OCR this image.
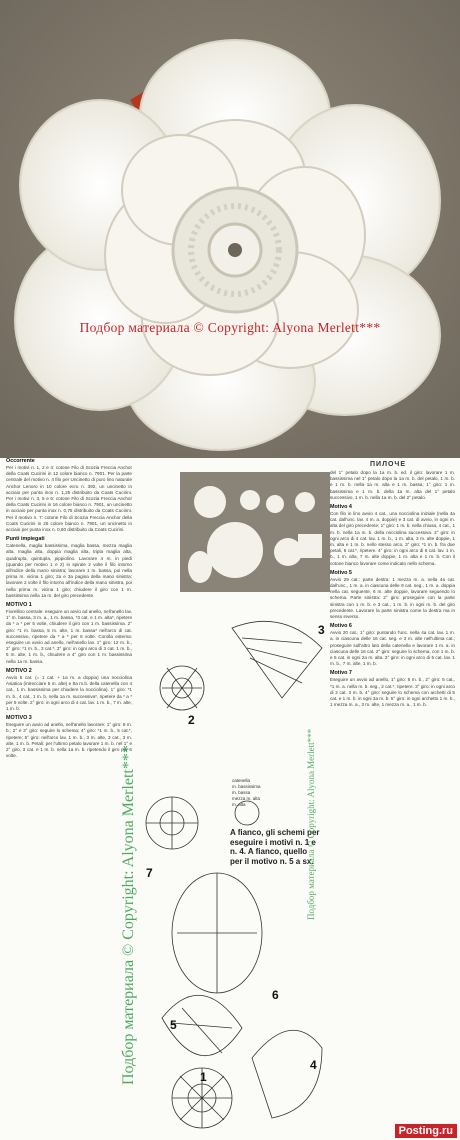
Подбор материала © Copyright: Alyona Merlett***
Occorrente

Per i motivi n. 1, 2 e 4: cotone Filo di Scozia Freccia Anchor della Coats Cucirini in 12 colore bianco n. 7901. Per la parte centrale del motivo n. 4 filo per Uncinetto di puro lino naturale Anchor Lenoro in 10 colore ecru n. 392, un uncinetto in acciaio per punta inox n. 1,25 distribuito da Coats Cucirini. Per i motivi n. 3, 5 e 6: cotone Filo di Scozia Freccia Anchor della Coats Cucirini in 16 colore bianco n. 7901, un uncinetto in acciaio per punta inox n. 0,75 distribuito da Coats Cucirini. Per il motivo n. 7: cotone Filo di Scozia Freccia Anchor della Coats Cucirini in 25 colore bianco n. 7901, un uncinetto in acciaio per punta inox n. 0,60 distribuito da Coats Cucirini.

Punti impiegati

Catenella, maglia bassissima, maglia bassa, mezza maglia alta, maglia alta, doppia maglia alta, tripla maglia alta, quadrupla, quintupla, pippiolino. Lavorare 4 m. in piedi (quando per motivo 1 e 2) in spirale 2 volte il filo intorno all'indice della mano sinistra; lavorare 1 m. bassa, poi nella prima m. vicina 1 giro; 2a e 3a pagina della mano sinistra; lavorare 2 volte il filo intorno all'indice della mano sinistra, poi nella prima m. vicina 1 giro; chiudere il giro con 1 m. bassissima nella 1a m. del giro precedente.

MOTIVO 1

Fiorellino centrale: eseguire un avvio ad anello, nell'anello lav. 1° m. bassa, 3 m. a., 1 m. bassa, *3 cat. e 1 m. alta*, ripetere da * a * per 5 volte, chiudere il giro con 1 m. bassissima. 2° giro: *1 m. bassa, 5 m. alte, 1 m. bassa* nell'arco di cat. successivo, ripetere da * a * per 6 volte. Corolla esterna: eseguire un avvio ad anello, nell'anello lav. 1° giro: 12 m. b., 2° giro: *1 m. b., 3 cat.*, 3° giro: in ogni arco di 3 cat. 1 m. b., 5 m. alte, 1 m. b., chiudere a 4° giro con 1 m. bassissima nella 1a m. bassa.

MOTIVO 2

Avvio 5 cat. (= 1 cat. + 1a m. a doppia) una nocciolina Asiatica (intrecciare 5 m. alte) e 8a m.b. della catenella con 4 cat., 1 m. bassissima per chiudere la nocciolina). 1° giro: *1 m. b., 4 cat., 1 m. b. nella 1a m. successiva*, ripetere da * a * per 5 volte. 2° giro: in ogni arco di 4 cat. lav. 1 m. b., 7 m. alte, 1 m. b.

MOTIVO 3

Eseguire un avvio ad anello, nell'anello lavorare: 1° giro: 8 m. b.; 2° e 3° giro: seguire lo schema; 4° giro: *1 m. b., 5 cat.*, ripetere; 5° giro: nell'arco lav. 1 m. b., 3 m. alte, 3 cat., 3 m. alte, 1 m. b. Petali: per l'ultimo petalo lavorare 1 m. b. nel 1° e 2° giro, 3 cat. e 1 m. b. nella 1a m. b. ripetendo il giro per 6 volte.

ПИЛОЧЕ

del 1° petalo dopo la 1a m. b. ed. il giro: lavorare 1 m. bassissima nel 1° petalo dopo la 1a m. b. del petalo, 1 m. b. e 1 m. b. nella 1a m. alta e 1 m. bassa; 1° giro: 1 m. bassissima e 1 m. b. della 1a m. alta del 1° petalo successivo, 1 m. b. nella 1a m. b. del 2° petalo.

Motivo 4

Con filo in lino avvio 4 cat., una nocciolina iniziale (nella 4a cat. dall'unc. lav. 4 m. a. doppie) e 3 cat. di avvio, in ogni m. alta del giro precedente; 1° giro: 1 m. b. nella chiusa, 4 cat., 1 m. b. nella 1a m. b. della nocciolina successiva. 2° giro: in ogni arco di 4 cat. lav. 1 m. b., 1 m. alta, 3 m. alte doppie, 1 m. alta e 1 m. b. nello stesso arco. 3° giro: *1 m. b. fra due petali, 6 cat.*, ripetere. 4° giro: in ogni arco di 6 cat. lav. 1 m. b., 1 m. alta, 7 m. alte doppie, 1 m. alta e 1 m. b. Con il cotone bianco lavorare come indicato nello schema.

Motivo 5

Avvio 29 cat.: parte destra: 1 mezza m. a. nella 4a cat. dall'unc., 1 m. a. in ciascuna delle 9 cat. seg., 1 m. a. doppia nella cat. seguente, 6 m. alte doppie, lavorare seguendo lo schema. Parte sinistra: 2° giro: proseguire con la parte sinistra con 1 m. b. e 3 cat., 1 m. b. in ogni m. b. del giro precedente. Lavorare la parte sinistra come la destra ma in senso inverso.

Motivo 6

Avvio 20 cat., 1° giro: puntando l'unc. nella 4a cat. lav. 1 m. a. in ciascuna delle 16 cat. seg. e 3 m. alte nell'ultima cat.; proseguire sull'altro lato della catenella e lavorare 1 m. a. in ciascuna delle 16 cat. 2° giro: seguire lo schema, con 1 m. b. e 5 cat. in ogni 2a m. alta. 3° giro: in ogni arco di 5 cat. lav. 1 m. b., 7 m. alte, 1 m. b.

Motivo 7

Eseguire un avvio ad anello, 1° giro: 8 m. b., 2° giro: 5 cat., *1 m. a. nella m. b. seg., 2 cat.*, ripetere. 3° giro: in ogni arco di 2 cat. 3 m. b. 4° giro: seguire lo schema con archetti di 5 cat. e 1 m. b. in ogni 3a m. b. 5° giro: in ogni archetto 1 m. b., 1 mezza m. a., 3 m. alte, 1 mezza m. a., 1 m. b.

3
2
7
6
5
4
1
A fianco, gli schemi per eseguire i motivi n. 1 e n. 4. A fianco, quello per il motivo n. 5 a sx.
catenella
m. bassissima
m. bassa
mezza m. alta
m. alta
Подбор материала © Copyright: Alyona Merlett***	Подбор материала © Copyright: Alyona Merlett***
Posting.ru
